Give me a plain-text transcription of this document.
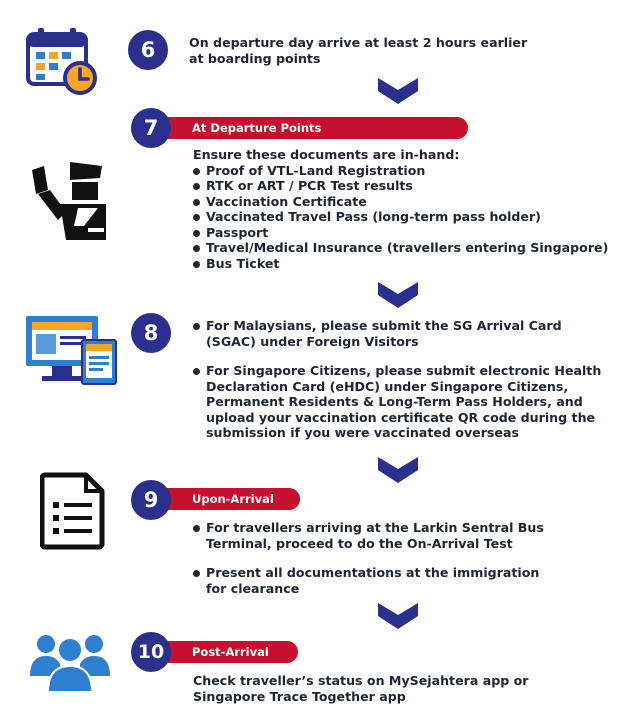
6	On departure day arrive at least 2 hours earlier
at boarding points
At Departure Points
7
Ensure these documents are in-hand:
Proof of VTL-Land Registration
RTK or ART / PCR Test results
Vaccination Certificate
Vaccinated Travel Pass (long-term pass holder)
Passport
Travel/Medical Insurance (travellers entering Singapore)
Bus Ticket
8	For Malaysians, please submit the SG Arrival Card
(SGAC) under Foreign Visitors
For Singapore Citizens, please submit electronic Health
Declaration Card (eHDC) under Singapore Citizens,
Permanent Residents & Long-Term Pass Holders, and
upload your vaccination certificate QR code during the
submission if you were vaccinated overseas
Upon-Arrival
9
For travellers arriving at the Larkin Sentral Bus
Terminal, proceed to do the On-Arrival Test
Present all documentations at the immigration
for clearance
Post-Arrival
10
Check traveller’s status on MySejahtera app or
Singapore Trace Together app
